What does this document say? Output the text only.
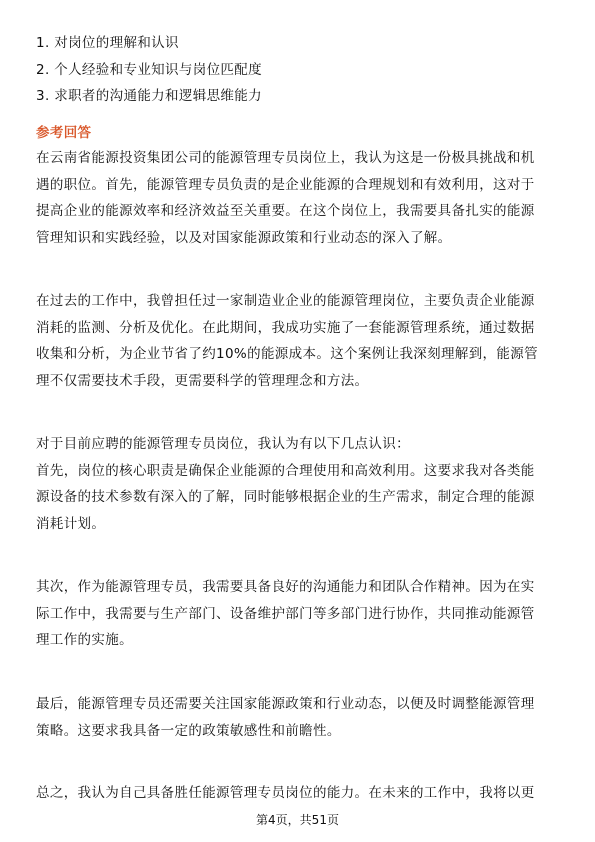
1. 对岗位的理解和认识
2. 个人经验和专业知识与岗位匹配度
3. 求职者的沟通能力和逻辑思维能力
参考回答
在云南省能源投资集团公司的能源管理专员岗位上，我认为这是一份极具挑战和机
遇的职位。首先，能源管理专员负责的是企业能源的合理规划和有效利用，这对于
提高企业的能源效率和经济效益至关重要。在这个岗位上，我需要具备扎实的能源
管理知识和实践经验，以及对国家能源政策和行业动态的深入了解。
在过去的工作中，我曾担任过一家制造业企业的能源管理岗位，主要负责企业能源
消耗的监测、分析及优化。在此期间，我成功实施了一套能源管理系统，通过数据
收集和分析，为企业节省了约10%的能源成本。这个案例让我深刻理解到，能源管
理不仅需要技术手段，更需要科学的管理理念和方法。
对于目前应聘的能源管理专员岗位，我认为有以下几点认识：
首先，岗位的核心职责是确保企业能源的合理使用和高效利用。这要求我对各类能
源设备的技术参数有深入的了解，同时能够根据企业的生产需求，制定合理的能源
消耗计划。
其次，作为能源管理专员，我需要具备良好的沟通能力和团队合作精神。因为在实
际工作中，我需要与生产部门、设备维护部门等多部门进行协作，共同推动能源管
理工作的实施。
最后，能源管理专员还需要关注国家能源政策和行业动态，以便及时调整能源管理
策略。这要求我具备一定的政策敏感性和前瞻性。
总之，我认为自己具备胜任能源管理专员岗位的能力。在未来的工作中，我将以更
第4页，共51页
